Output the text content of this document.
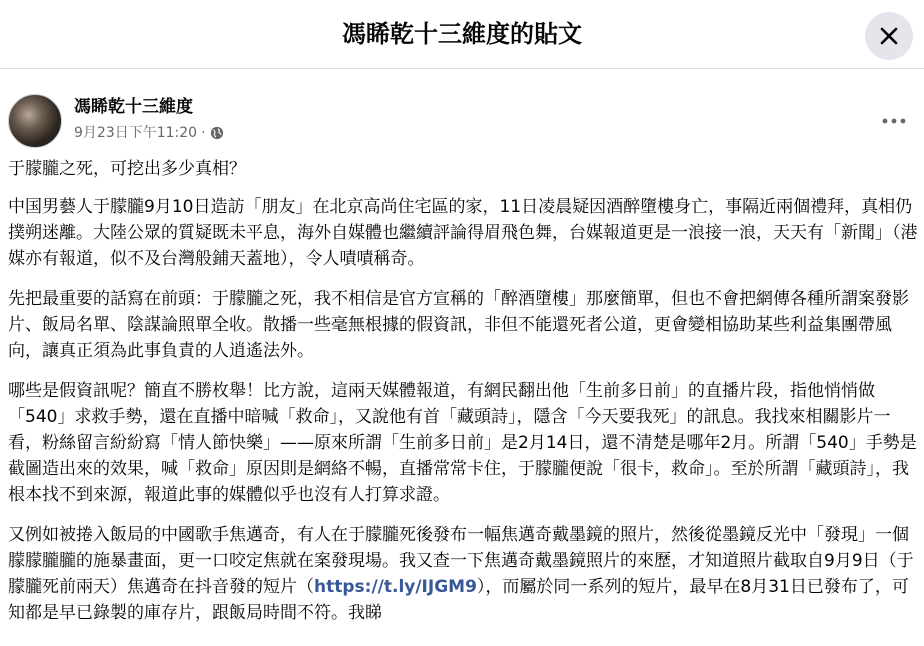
馮睎乾十三維度的貼文
馮睎乾十三維度
9月23日下午11:20 ·

于朦朧之死，可挖出多少真相？

中国男藝人于朦朧9月10日造訪「朋友」在北京高尚住宅區的家，11日凌晨疑因酒醉墮樓身亡，事隔近兩個禮拜，真相仍撲朔迷離。大陸公眾的質疑既未平息，海外自媒體也繼續評論得眉飛色舞，台媒報道更是一浪接一浪，天天有「新聞」（港媒亦有報道，似不及台灣般鋪天蓋地），令人嘖嘖稱奇。

先把最重要的話寫在前頭：于朦朧之死，我不相信是官方宣稱的「醉酒墮樓」那麼簡單，但也不會把網傳各種所謂案發影片、飯局名單、陰謀論照單全收。散播一些毫無根據的假資訊，非但不能還死者公道，更會變相協助某些利益集團帶風向，讓真正須為此事負責的人逍遙法外。

哪些是假資訊呢？簡直不勝枚舉！比方說，這兩天媒體報道，有網民翻出他「生前多日前」的直播片段，指他悄悄做「540」求救手勢，還在直播中暗喊「救命」，又說他有首「藏頭詩」，隱含「今天要我死」的訊息。我找來相關影片一看，粉絲留言紛紛寫「情人節快樂」——原來所謂「生前多日前」是2月14日，還不清楚是哪年2月。所謂「540」手勢是截圖造出來的效果，喊「救命」原因則是網絡不暢，直播常常卡住，于朦朧便說「很卡，救命」。至於所謂「藏頭詩」，我根本找不到來源，報道此事的媒體似乎也沒有人打算求證。

又例如被捲入飯局的中國歌手焦邁奇，有人在于朦朧死後發布一幅焦邁奇戴墨鏡的照片，然後從墨鏡反光中「發現」一個朦朦朧朧的施暴畫面，更一口咬定焦就在案發現場。我又查一下焦邁奇戴墨鏡照片的來歷，才知道照片截取自9月9日（于朦朧死前兩天）焦邁奇在抖音發的短片（https://t.ly/IJGM9），而屬於同一系列的短片，最早在8月31日已發布了，可知都是早已錄製的庫存片，跟飯局時間不符。我睇
